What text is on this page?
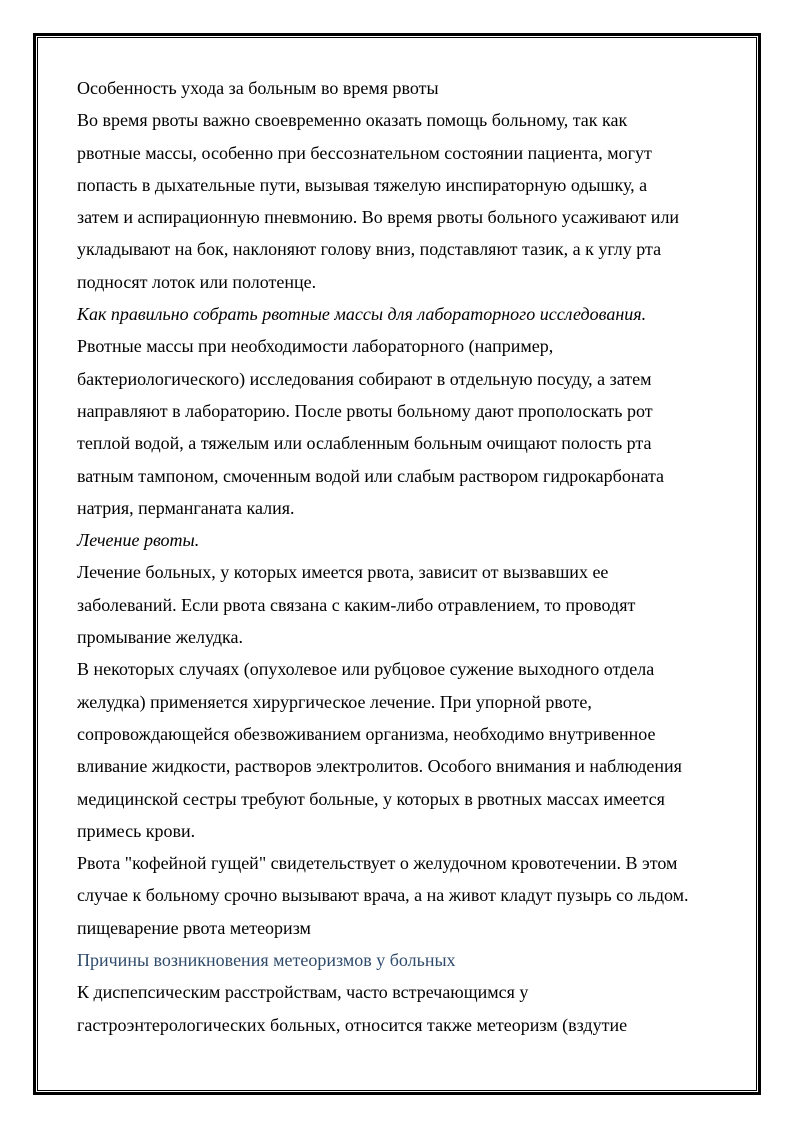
Особенность ухода за больным во время рвоты
Во время рвоты важно своевременно оказать помощь больному, так как
рвотные массы, особенно при бессознательном состоянии пациента, могут
попасть в дыхательные пути, вызывая тяжелую инспираторную одышку, а
затем и аспирационную пневмонию. Во время рвоты больного усаживают или
укладывают на бок, наклоняют голову вниз, подставляют тазик, а к углу рта
подносят лоток или полотенце.
Как правильно собрать рвотные массы для лабораторного исследования.
Рвотные массы при необходимости лабораторного (например,
бактериологического) исследования собирают в отдельную посуду, а затем
направляют в лабораторию. После рвоты больному дают прополоскать рот
теплой водой, а тяжелым или ослабленным больным очищают полость рта
ватным тампоном, смоченным водой или слабым раствором гидрокарбоната
натрия, перманганата калия.
Лечение рвоты.
Лечение больных, у которых имеется рвота, зависит от вызвавших ее
заболеваний. Если рвота связана с каким-либо отравлением, то проводят
промывание желудка.
В некоторых случаях (опухолевое или рубцовое сужение выходного отдела
желудка) применяется хирургическое лечение. При упорной рвоте,
сопровождающейся обезвоживанием организма, необходимо внутривенное
вливание жидкости, растворов электролитов. Особого внимания и наблюдения
медицинской сестры требуют больные, у которых в рвотных массах имеется
примесь крови.
Рвота "кофейной гущей" свидетельствует о желудочном кровотечении. В этом
случае к больному срочно вызывают врача, а на живот кладут пузырь со льдом.
пищеварение рвота метеоризм
Причины возникновения метеоризмов у больных
К диспепсическим расстройствам, часто встречающимся у
гастроэнтерологических больных, относится также метеоризм (вздутие
